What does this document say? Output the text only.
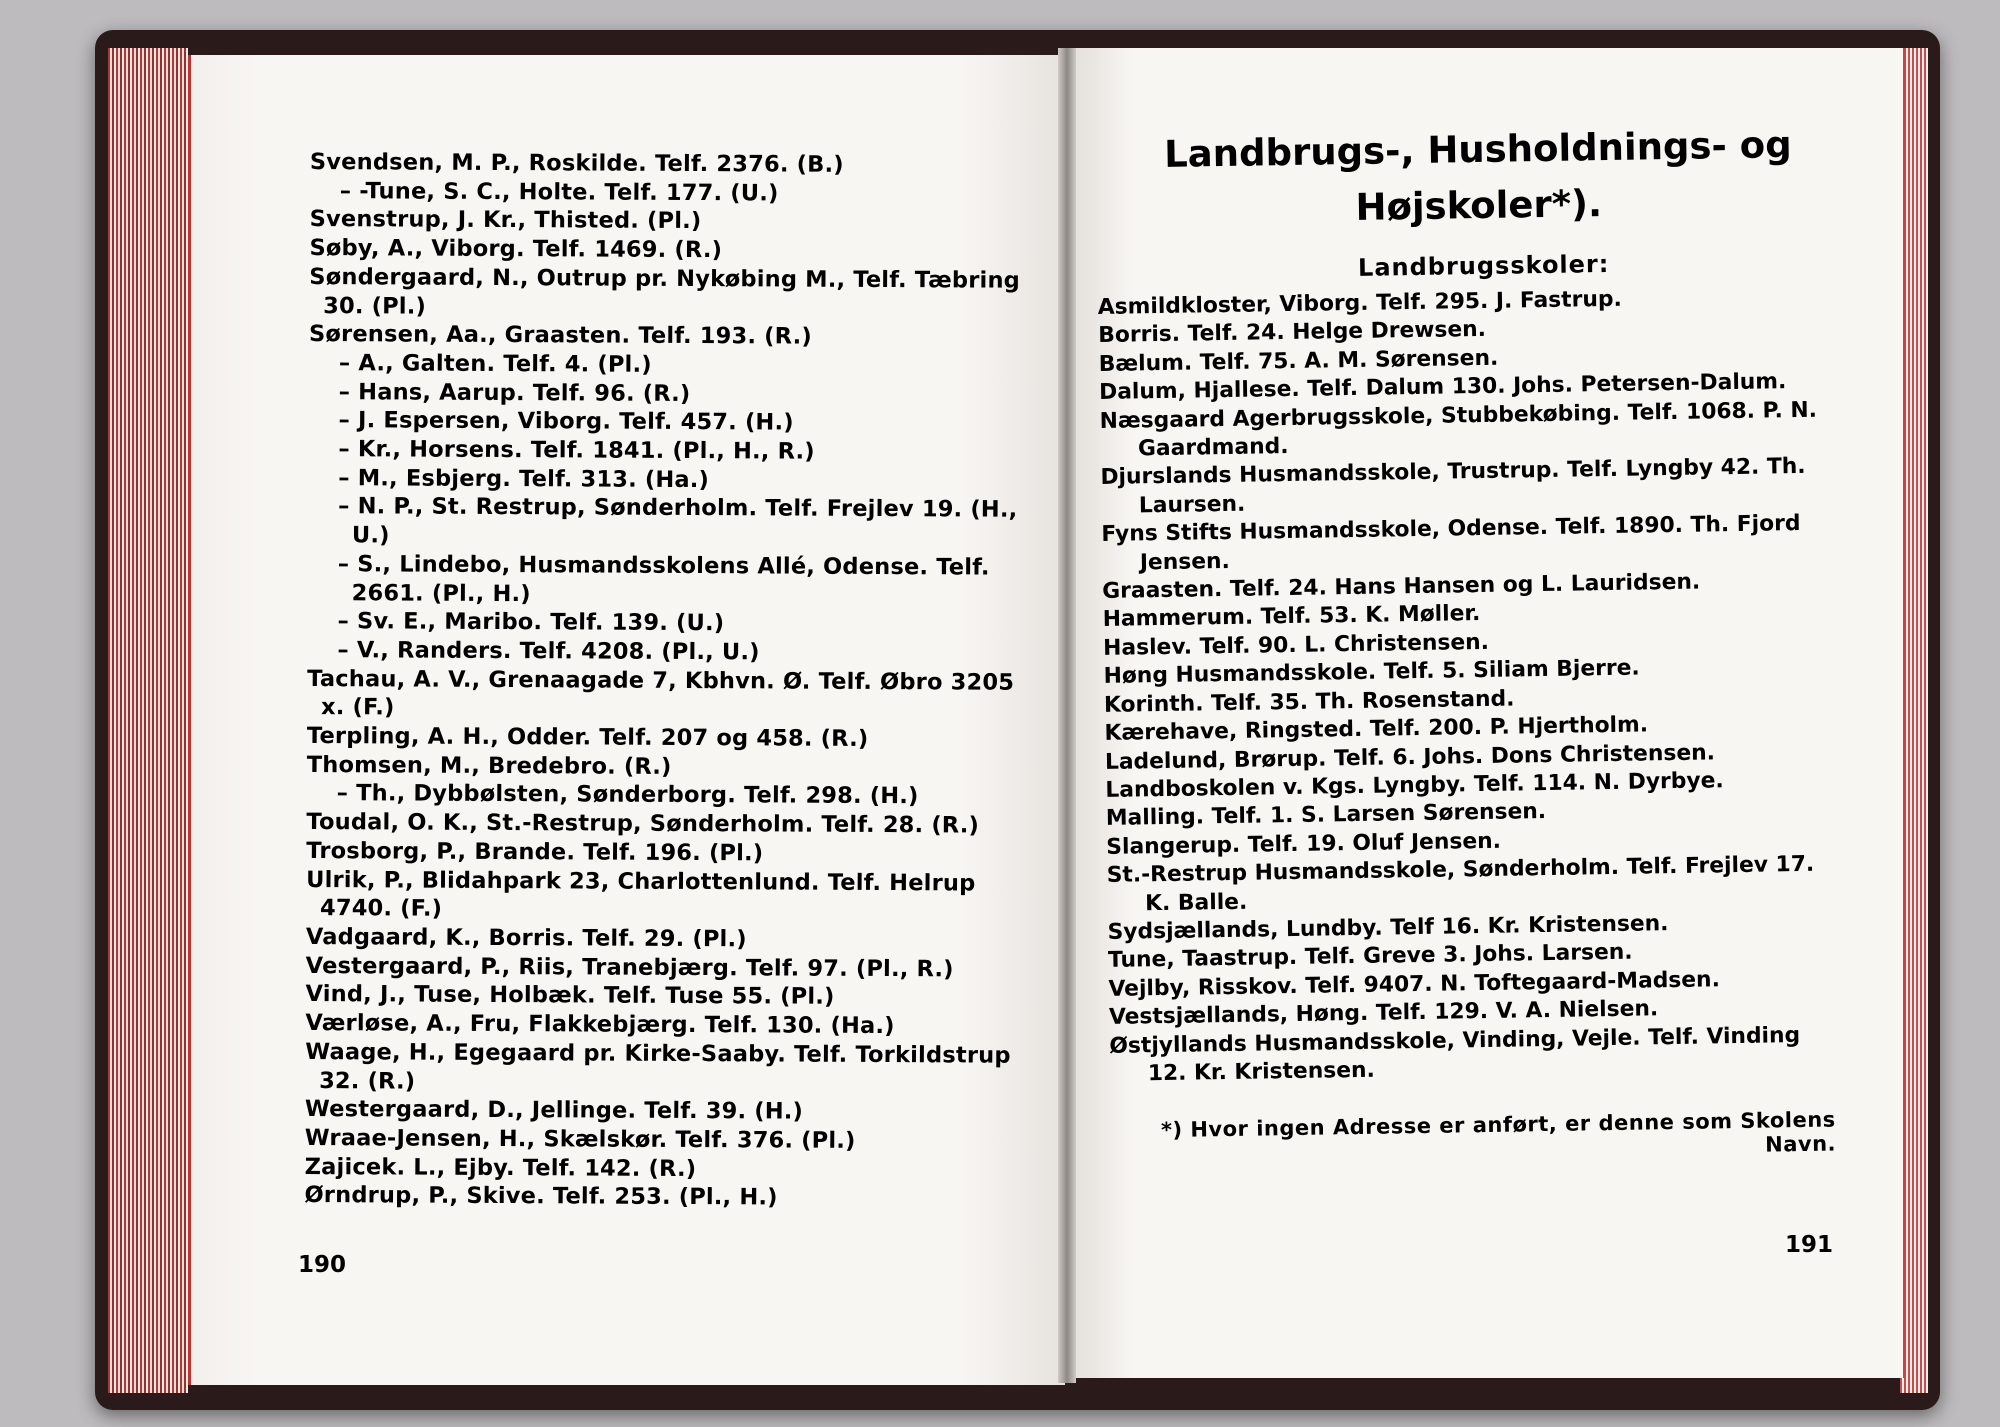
Svendsen, M. P., Roskilde. Telf. 2376. (B.)
– -Tune, S. C., Holte. Telf. 177. (U.)
Svenstrup, J. Kr., Thisted. (Pl.)
Søby, A., Viborg. Telf. 1469. (R.)
Søndergaard, N., Outrup pr. Nykøbing M., Telf. Tæbring 30. (Pl.)
Sørensen, Aa., Graasten. Telf. 193. (R.)
– A., Galten. Telf. 4. (Pl.)
– Hans, Aarup. Telf. 96. (R.)
– J. Espersen, Viborg. Telf. 457. (H.)
– Kr., Horsens. Telf. 1841. (Pl., H., R.)
– M., Esbjerg. Telf. 313. (Ha.)
– N. P., St. Restrup, Sønderholm. Telf. Frejlev 19. (H., U.)
– S., Lindebo, Husmandsskolens Allé, Odense. Telf. 2661. (Pl., H.)
– Sv. E., Maribo. Telf. 139. (U.)
– V., Randers. Telf. 4208. (Pl., U.)
Tachau, A. V., Grenaagade 7, Kbhvn. Ø. Telf. Øbro 3205 x. (F.)
Terpling, A. H., Odder. Telf. 207 og 458. (R.)
Thomsen, M., Bredebro. (R.)
– Th., Dybbølsten, Sønderborg. Telf. 298. (H.)
Toudal, O. K., St.-Restrup, Sønderholm. Telf. 28. (R.)
Trosborg, P., Brande. Telf. 196. (Pl.)
Ulrik, P., Blidahpark 23, Charlottenlund. Telf. Helrup 4740. (F.)
Vadgaard, K., Borris. Telf. 29. (Pl.)
Vestergaard, P., Riis, Tranebjærg. Telf. 97. (Pl., R.)
Vind, J., Tuse, Holbæk. Telf. Tuse 55. (Pl.)
Værløse, A., Fru, Flakkebjærg. Telf. 130. (Ha.)
Waage, H., Egegaard pr. Kirke-Saaby. Telf. Torkildstrup 32. (R.)
Westergaard, D., Jellinge. Telf. 39. (H.)
Wraae-Jensen, H., Skælskør. Telf. 376. (Pl.)
Zajicek. L., Ejby. Telf. 142. (R.)
Ørndrup, P., Skive. Telf. 253. (Pl., H.)
190
Landbrugs-, Husholdnings- og
Højskoler*).
Landbrugsskoler:
Asmildkloster, Viborg. Telf. 295. J. Fastrup.
Borris. Telf. 24. Helge Drewsen.
Bælum. Telf. 75. A. M. Sørensen.
Dalum, Hjallese. Telf. Dalum 130. Johs. Petersen-Dalum.
Næsgaard Agerbrugsskole, Stubbekøbing. Telf. 1068. P. N. Gaardmand.
Djurslands Husmandsskole, Trustrup. Telf. Lyngby 42. Th. Laursen.
Fyns Stifts Husmandsskole, Odense. Telf. 1890. Th. Fjord Jensen.
Graasten. Telf. 24. Hans Hansen og L. Lauridsen.
Hammerum. Telf. 53. K. Møller.
Haslev. Telf. 90. L. Christensen.
Høng Husmandsskole. Telf. 5. Siliam Bjerre.
Korinth. Telf. 35. Th. Rosenstand.
Kærehave, Ringsted. Telf. 200. P. Hjertholm.
Ladelund, Brørup. Telf. 6. Johs. Dons Christensen.
Landboskolen v. Kgs. Lyngby. Telf. 114. N. Dyrbye.
Malling. Telf. 1. S. Larsen Sørensen.
Slangerup. Telf. 19. Oluf Jensen.
St.-Restrup Husmandsskole, Sønderholm. Telf. Frejlev 17. K. Balle.
Sydsjællands, Lundby. Telf 16. Kr. Kristensen.
Tune, Taastrup. Telf. Greve 3. Johs. Larsen.
Vejlby, Risskov. Telf. 9407. N. Toftegaard-Madsen.
Vestsjællands, Høng. Telf. 129. V. A. Nielsen.
Østjyllands Husmandsskole, Vinding, Vejle. Telf. Vinding 12. Kr. Kristensen.
*) Hvor ingen Adresse er anført, er denne som Skolens Navn.
191
